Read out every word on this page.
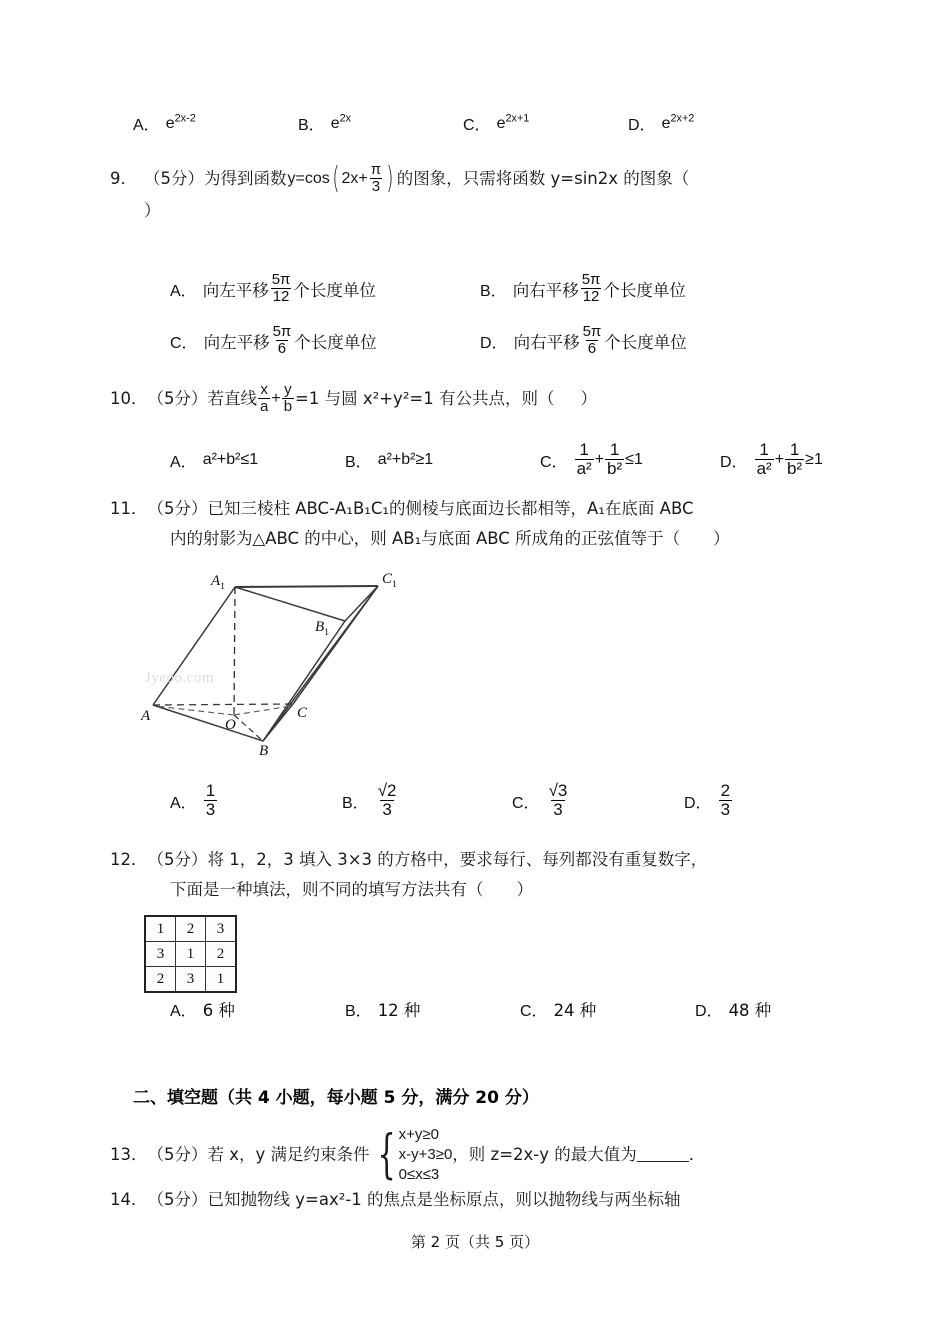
A． $e^{2x‑2}$	B． $e^{2x}$	C． $e^{2x+1}$	D． $e^{2x+2}$
9． （5分） 为得到函数 y=cos ( $2x+ \frac{\pi}{3}$ ) 的图象，只需将函数 y=sin2x 的图象（
）
A． 向左平移 $\frac{5\pi}{12}$ 个长度单位	B． 向右平移 $\frac{5\pi}{12}$ 个长度单位
C． 向左平移 $\frac{5\pi}{6}$ 个长度单位	D． 向右平移 $\frac{5\pi}{6}$ 个长度单位
10． （5分） 若直线 $\frac{x}{a} + \frac{y}{b} =1$ 与圆 x²+y²=1 有公共点，则（	）
A． a²+b²≤1	B． a²+b²≥1	C． $\frac{1}{\text{a²}} + \frac{1}{\text{b²}} \le 1$	D． $\frac{1}{\text{a²}} + \frac{1}{\text{b²}} \ge 1$
11．（5分）已知三棱柱 ABC‑A₁B₁C₁的侧棱与底面边长都相等，A₁在底面 ABC
内的射影为△ABC 的中心，则 AB₁与底面 ABC 所成角的正弦值等于（　　）
Jyeoo.com
$A_1$	$C_1$
$B_1$
A	C
O
B
A． $\frac{1}{3}$	B． $\frac{√2}{3}$	C． $\frac{√3}{3}$	D． $\frac{2}{3}$
12．（5分）将 1，2，3 填入 3×3 的方格中，要求每行、每列都没有重复数字，
下面是一种填法，则不同的填写方法共有（　　）
1	2	3
3	1	2
2	3	1
A． 6 种	B． 12 种	C． 24 种	D． 48 种
二、填空题（共 4 小题，每小题 5 分，满分 20 分）
13． （5分） 若 x，y 满足约束条件 { x+y≥0
x‑y+3≥0
0≤x≤3
，则 z=2x‑y 的最大值为	．
14．（5分）已知抛物线 y=ax²‑1 的焦点是坐标原点，则以抛物线与两坐标轴
第 2 页（共 5 页）
